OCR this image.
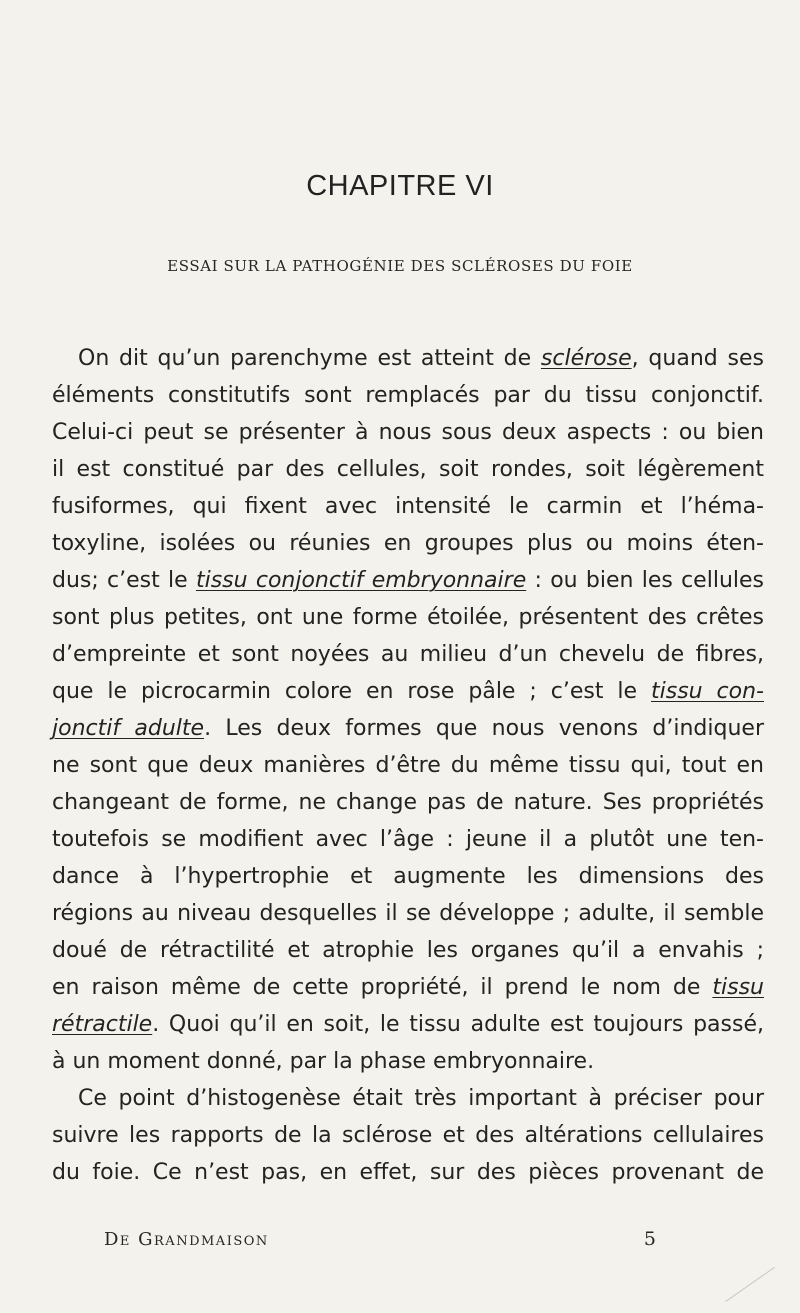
CHAPITRE VI
ESSAI SUR LA PATHOGÉNIE DES SCLÉROSES DU FOIE
On dit qu’un parenchyme est atteint de sclérose, quand ses
éléments constitutifs sont remplacés par du tissu conjonctif.
Celui-ci peut se présenter à nous sous deux aspects : ou bien
il est constitué par des cellules, soit rondes, soit légèrement
fusiformes, qui fixent avec intensité le carmin et l’héma-
toxyline, isolées ou réunies en groupes plus ou moins éten-
dus; c’est le tissu conjonctif embryonnaire : ou bien les cellules
sont plus petites, ont une forme étoilée, présentent des crêtes
d’empreinte et sont noyées au milieu d’un chevelu de fibres,
que le picrocarmin colore en rose pâle ; c’est le tissu con-
jonctif adulte. Les deux formes que nous venons d’indiquer
ne sont que deux manières d’être du même tissu qui, tout en
changeant de forme, ne change pas de nature. Ses propriétés
toutefois se modifient avec l’âge : jeune il a plutôt une ten-
dance à l’hypertrophie et augmente les dimensions des
régions au niveau desquelles il se développe ; adulte, il semble
doué de rétractilité et atrophie les organes qu’il a envahis ;
en raison même de cette propriété, il prend le nom de tissu
rétractile. Quoi qu’il en soit, le tissu adulte est toujours passé,
à un moment donné, par la phase embryonnaire.
Ce point d’histogenèse était très important à préciser pour
suivre les rapports de la sclérose et des altérations cellulaires
du foie. Ce n’est pas, en effet, sur des pièces provenant de
De Grandmaison	5
